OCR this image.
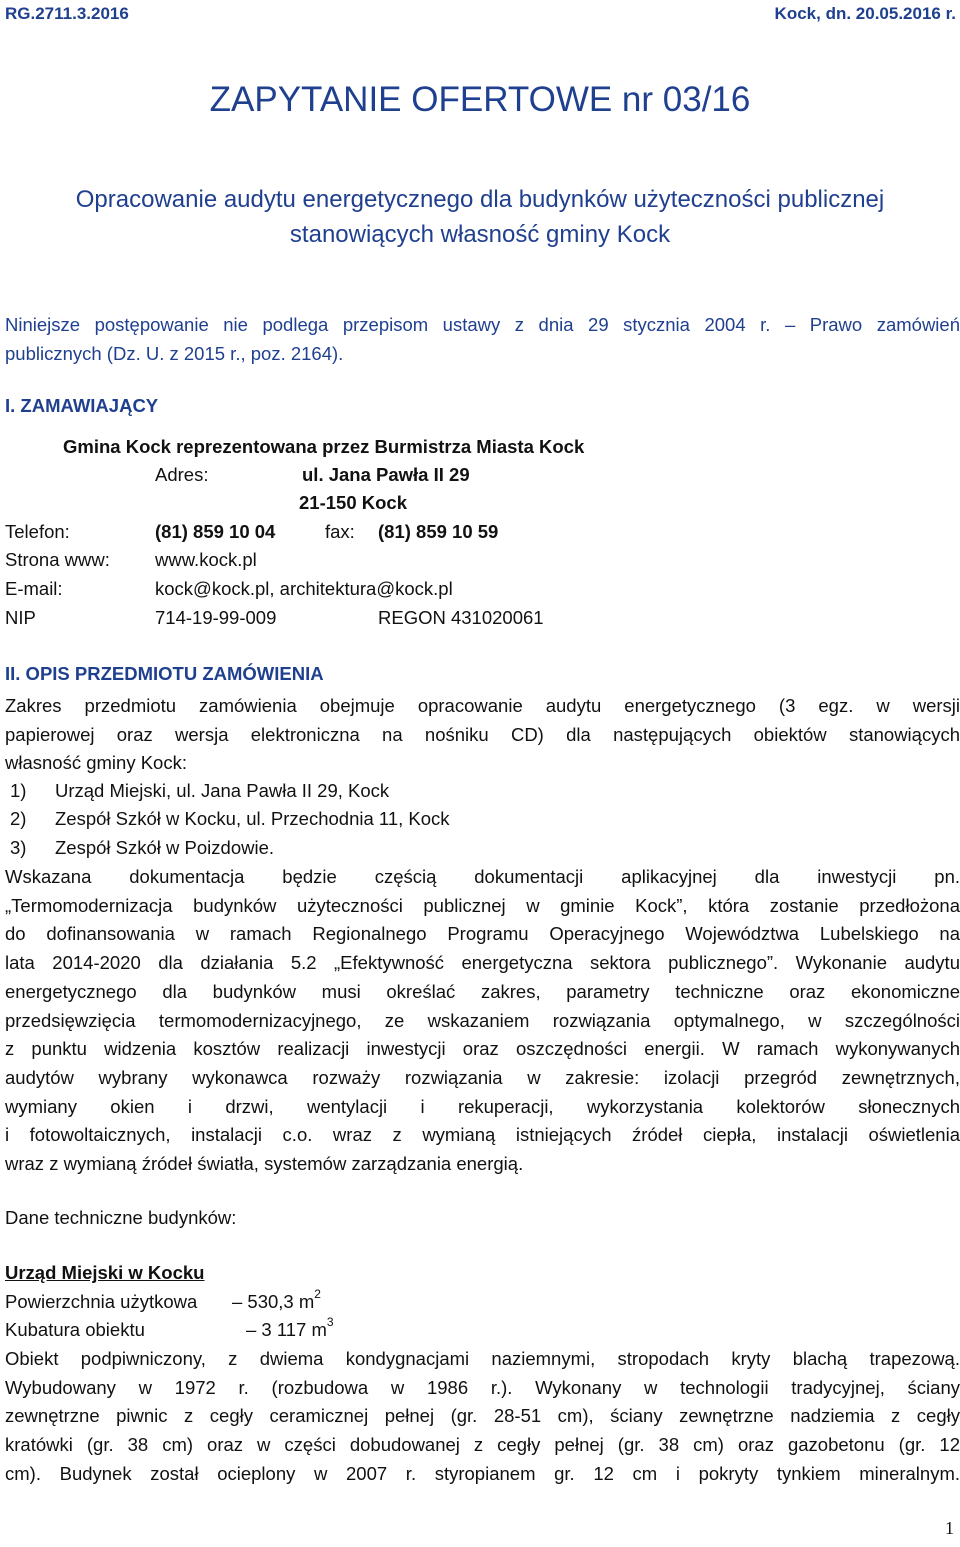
RG.2711.3.2016	Kock, dn. 20.05.2016 r.
ZAPYTANIE OFERTOWE nr 03/16
Opracowanie audytu energetycznego dla budynków użyteczności publicznej
stanowiących własność gminy Kock
Niniejsze postępowanie nie podlega przepisom ustawy z dnia 29 stycznia 2004 r. – Prawo zamówień
publicznych (Dz. U. z 2015 r., poz. 2164).
I. ZAMAWIAJĄCY
Gmina Kock reprezentowana przez Burmistrza Miasta Kock
Adres:	ul. Jana Pawła II 29
21-150 Kock
Telefon:	(81) 859 10 04	fax: (81) 859 10 59
Strona www: www.kock.pl
E-mail:	kock@kock.pl, architektura@kock.pl
NIP	714-19-99-009	REGON 431020061
II. OPIS PRZEDMIOTU ZAMÓWIENIA
Zakres przedmiotu zamówienia obejmuje opracowanie audytu energetycznego (3 egz. w wersji
papierowej oraz wersja elektroniczna na nośniku CD) dla następujących obiektów stanowiących
własność gminy Kock:
1) Urząd Miejski, ul. Jana Pawła II 29, Kock
2) Zespół Szkół w Kocku, ul. Przechodnia 11, Kock
3) Zespół Szkół w Poizdowie.
Wskazana dokumentacja będzie częścią dokumentacji aplikacyjnej dla inwestycji pn.
„Termomodernizacja budynków użyteczności publicznej w gminie Kock”, która zostanie przedłożona
do dofinansowania w ramach Regionalnego Programu Operacyjnego Województwa Lubelskiego na
lata 2014-2020 dla działania 5.2 „Efektywność energetyczna sektora publicznego”. Wykonanie audytu
energetycznego dla budynków musi określać zakres, parametry techniczne oraz ekonomiczne
przedsięwzięcia termomodernizacyjnego, ze wskazaniem rozwiązania optymalnego, w szczególności
z punktu widzenia kosztów realizacji inwestycji oraz oszczędności energii. W ramach wykonywanych
audytów wybrany wykonawca rozważy rozwiązania w zakresie: izolacji przegród zewnętrznych,
wymiany okien i drzwi, wentylacji i rekuperacji, wykorzystania kolektorów słonecznych
i fotowoltaicznych, instalacji c.o. wraz z wymianą istniejących źródeł ciepła, instalacji oświetlenia
wraz z wymianą źródeł światła, systemów zarządzania energią.
Dane techniczne budynków:
Urząd Miejski w Kocku
Powierzchnia użytkowa – 530,3 $m^2$
Kubatura obiektu	– 3 117 $m^3$
Obiekt podpiwniczony, z dwiema kondygnacjami naziemnymi, stropodach kryty blachą trapezową.
Wybudowany w 1972 r. (rozbudowa w 1986 r.). Wykonany w technologii tradycyjnej, ściany
zewnętrzne piwnic z cegły ceramicznej pełnej (gr. 28-51 cm), ściany zewnętrzne nadziemia z cegły
kratówki (gr. 38 cm) oraz w części dobudowanej z cegły pełnej (gr. 38 cm) oraz gazobetonu (gr. 12
cm). Budynek został ocieplony w 2007 r. styropianem gr. 12 cm i pokryty tynkiem mineralnym.
1
